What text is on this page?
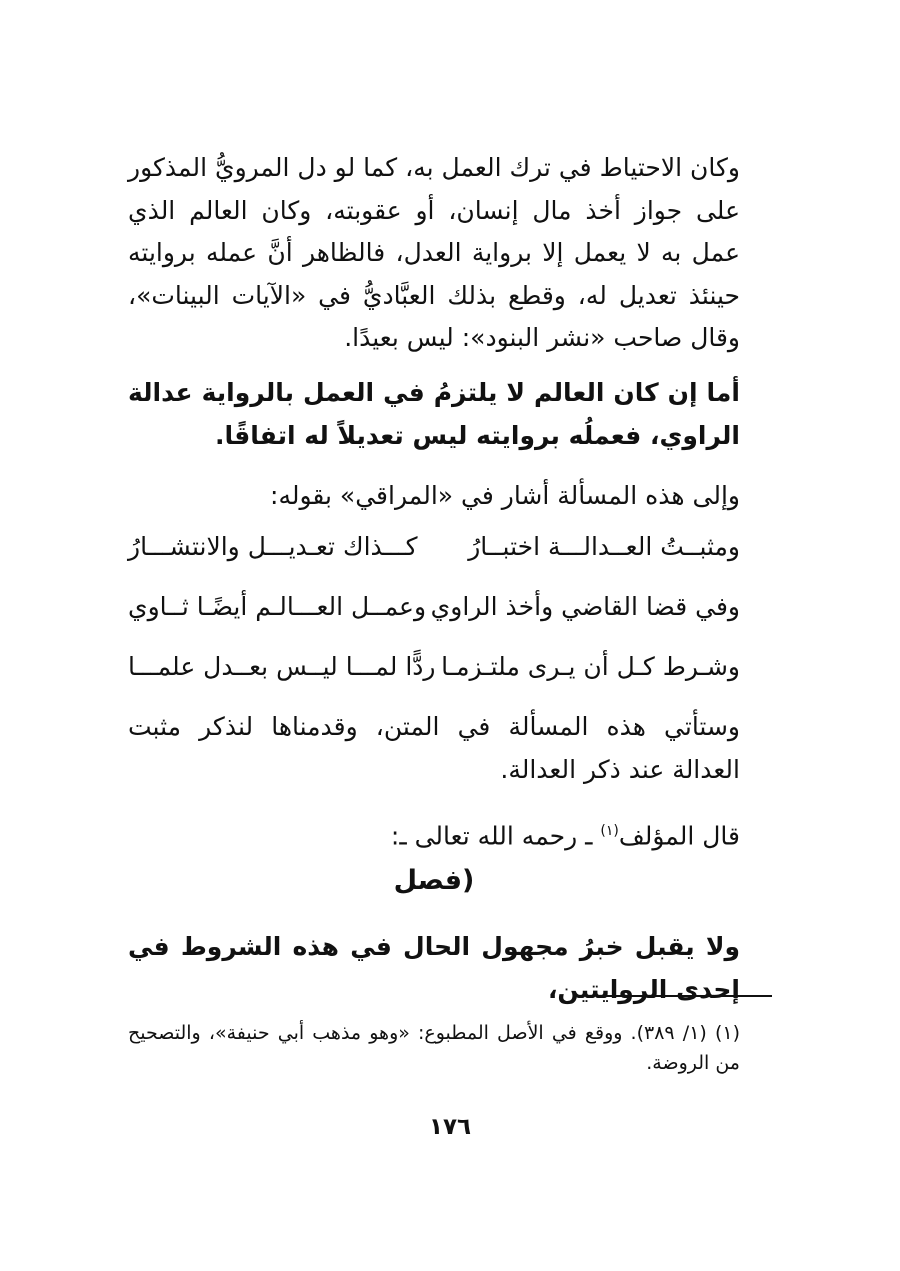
وكان الاحتياط في ترك العمل به، كما لو دل المرويُّ المذكور على جواز أخذ مال إنسان، أو عقوبته، وكان العالم الذي عمل به لا يعمل إلا برواية العدل، فالظاهر أنَّ عمله بروايته حينئذ تعديل له، وقطع بذلك العبَّاديُّ في «الآيات البينات»، وقال صاحب «نشر البنود»: ليس بعيدًا.
أما إن كان العالم لا يلتزمُ في العمل بالرواية عدالة الراوي، فعملُه بروايته ليس تعديلاً له اتفاقًا.
وإلى هذه المسألة أشار في «المراقي» بقوله:
ومثبــتُ العــدالـــة اختبــارُ
كـــذاك تعـديـــل والانتشـــارُ
وفي قضا القاضي وأخذ الراوي
وعمــل العـــالـم أيضًـا ثــاوي
وشـرط كـل أن يـرى ملتـزمـا
ردًّا لمـــا ليــس بعــدل علمـــا
وستأتي هذه المسألة في المتن، وقدمناها لنذكر مثبت العدالة عند ذكر العدالة.
قال المؤلف$^{(١)}$ ـ رحمه الله تعالى ـ:
(فصل
ولا يقبل خبرُ مجهول الحال في هذه الشروط في إحدى الروايتين،
(١) (١/ ٣٨٩). ووقع في الأصل المطبوع: «وهو مذهب أبي حنيفة»، والتصحيح من الروضة.
١٧٦
